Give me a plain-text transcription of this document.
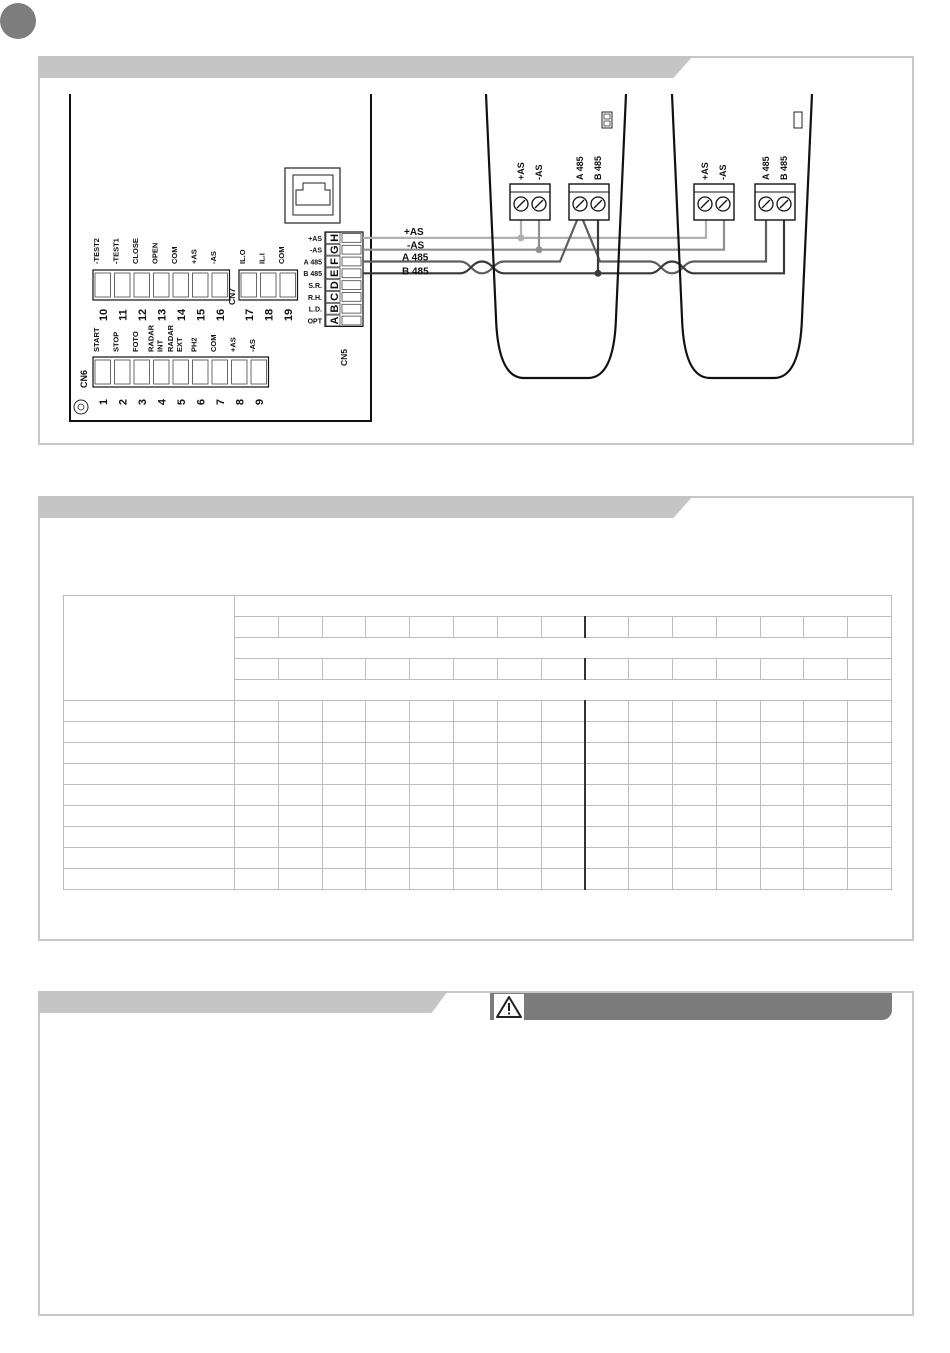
1
START
2
STOP
3
FOTO
4
RADAR INT
5
RADAR EXT
6
PH2
7
COM
8
+AS
9
-AS
10
-TEST2
11
-TEST1
12
CLOSE
13
OPEN
14
COM
15
+AS
16
-AS
17
IL.O
18
IL.I
19
COM
CN6
CN7
CN5
H
+AS
G
-AS
F
A 485
E
B 485
D
S.R.
C
R.H.
B
L.D.
A
OPT
+AS -AS	A 485 B 485	+AS -AS	A 485 B 485
+AS
-AS
A 485
B 485
